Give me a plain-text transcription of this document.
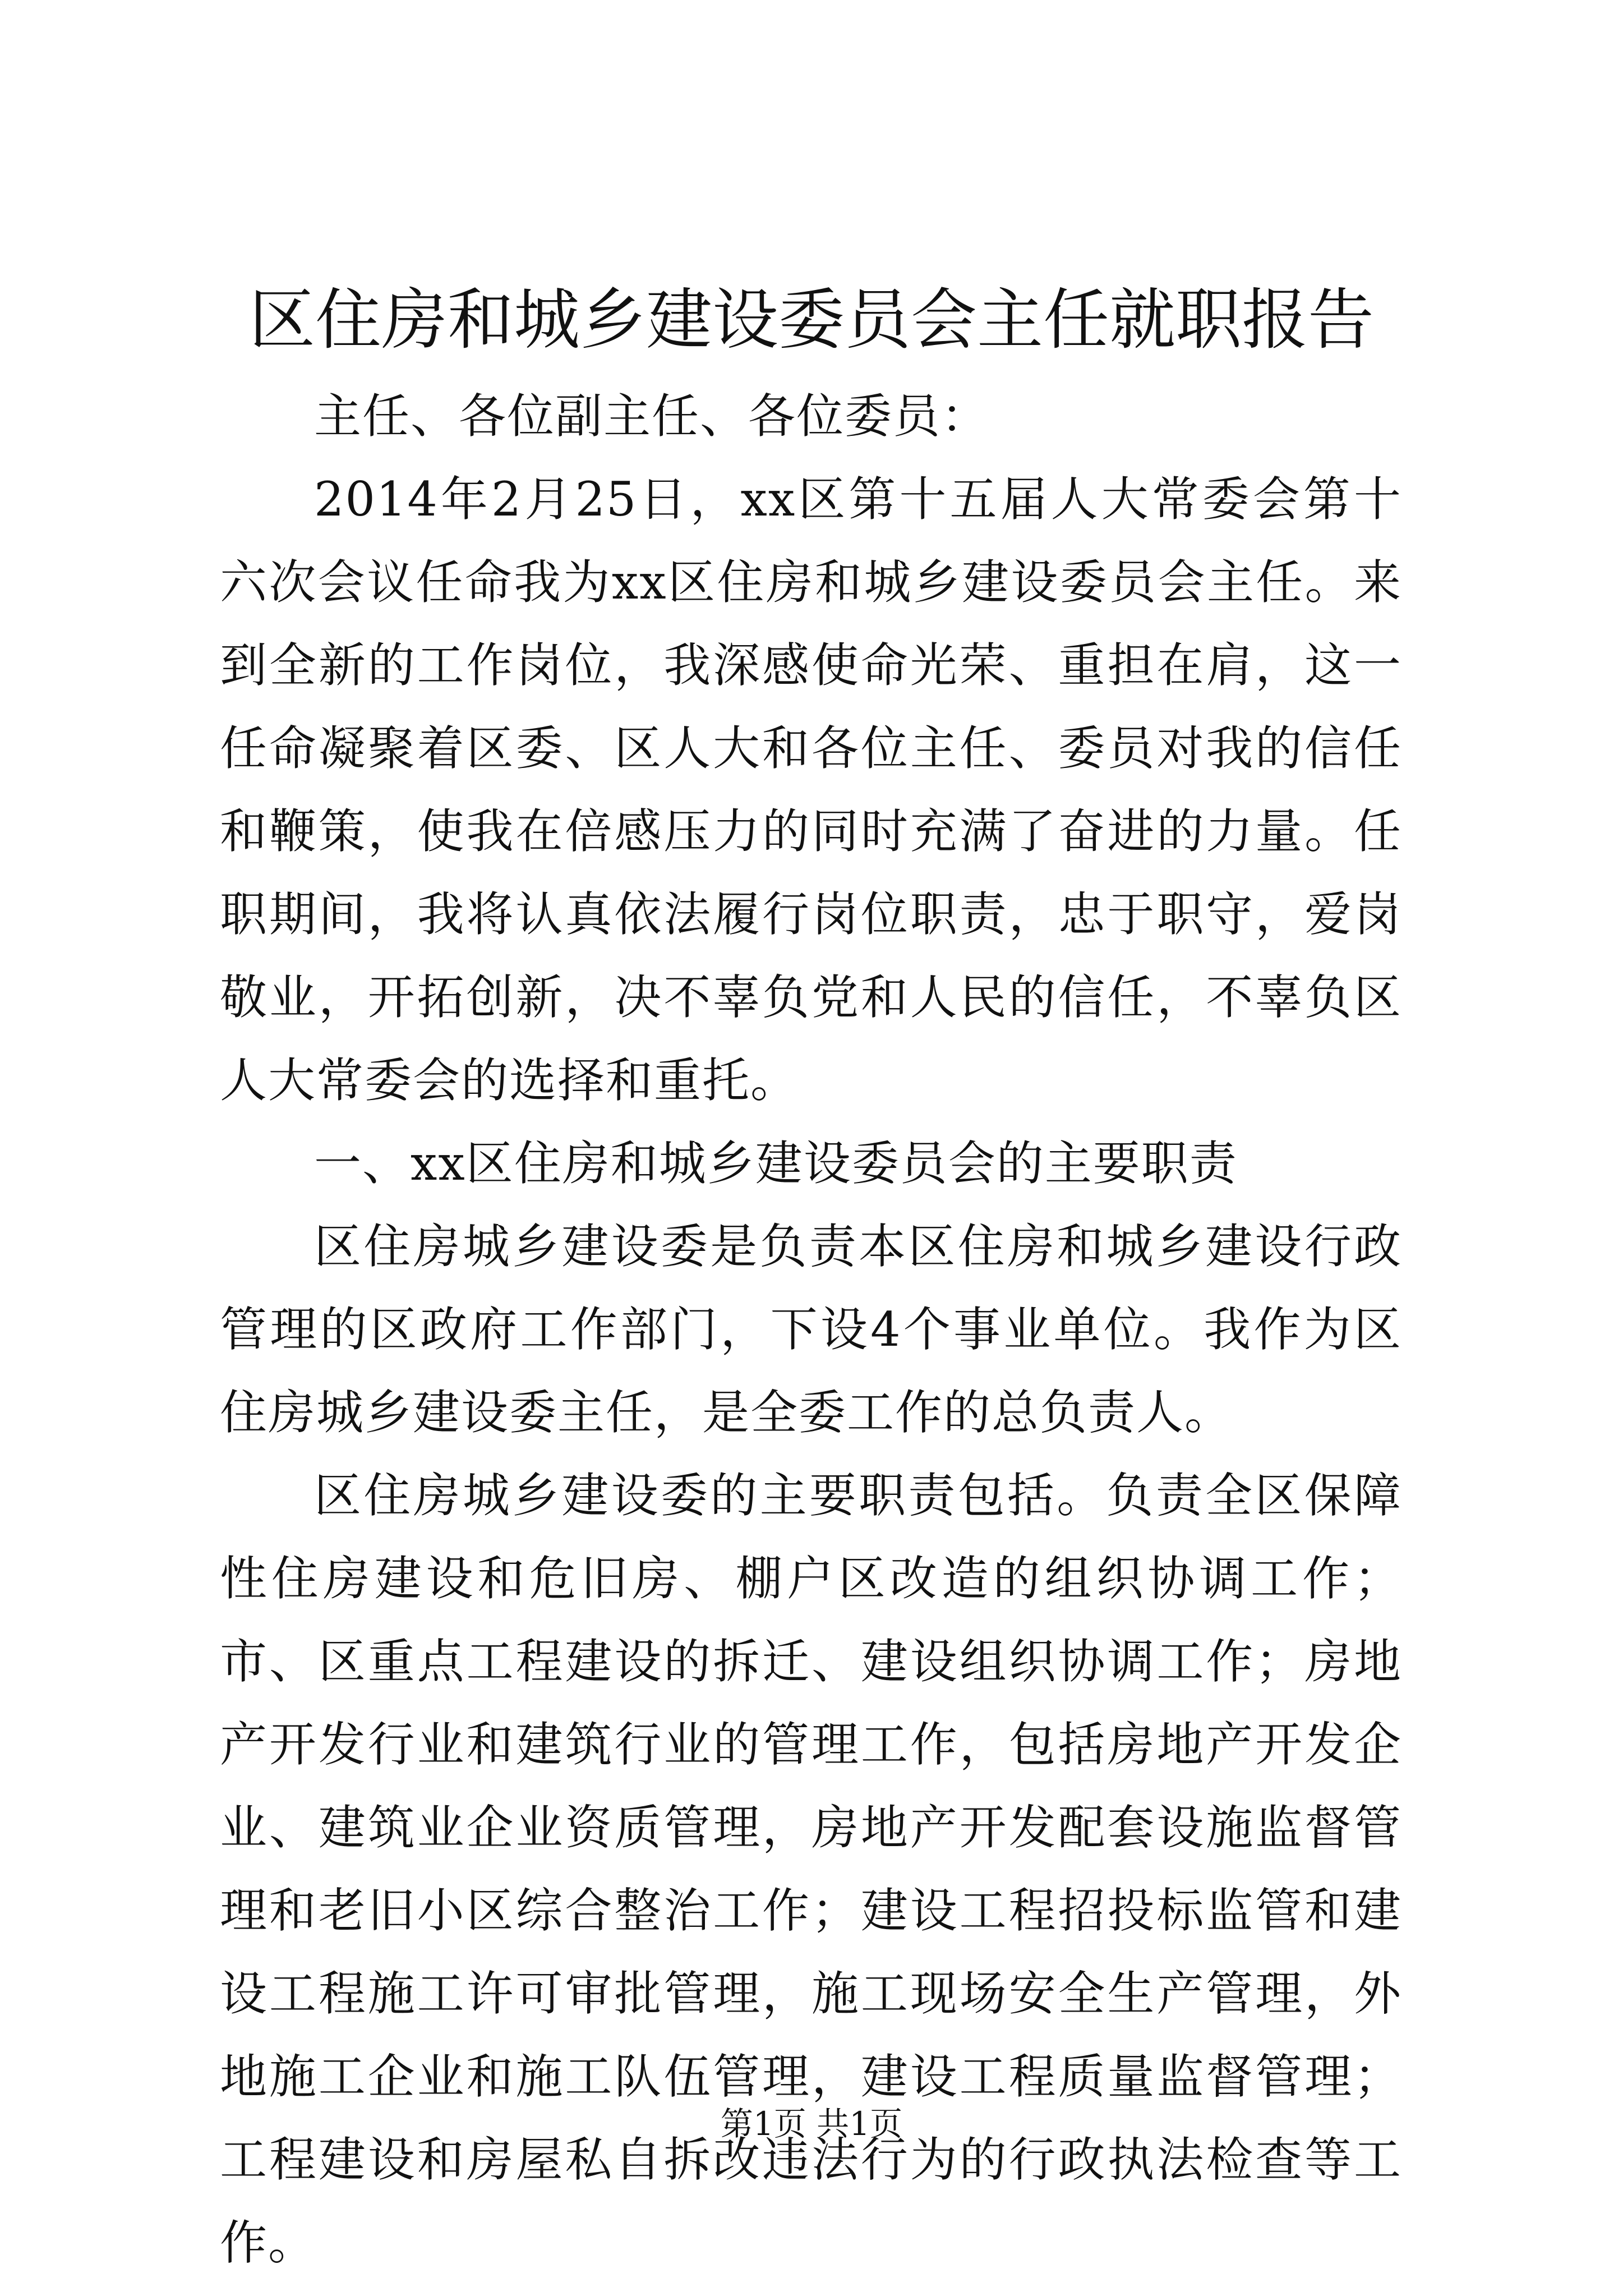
区住房和城乡建设委员会主任就职报告

主任、各位副主任、各位委员：

2014年2月25日，xx区第十五届人大常委会第十六次会议任命我为xx区住房和城乡建设委员会主任。来到全新的工作岗位，我深感使命光荣、重担在肩，这一任命凝聚着区委、区人大和各位主任、委员对我的信任和鞭策，使我在倍感压力的同时充满了奋进的力量。任职期间，我将认真依法履行岗位职责，忠于职守，爱岗敬业，开拓创新，决不辜负党和人民的信任，不辜负区人大常委会的选择和重托。

一、xx区住房和城乡建设委员会的主要职责

区住房城乡建设委是负责本区住房和城乡建设行政管理的区政府工作部门，下设4个事业单位。我作为区住房城乡建设委主任，是全委工作的总负责人。

区住房城乡建设委的主要职责包括。负责全区保障性住房建设和危旧房、棚户区改造的组织协调工作；市、区重点工程建设的拆迁、建设组织协调工作；房地产开发行业和建筑行业的管理工作，包括房地产开发企业、建筑业企业资质管理，房地产开发配套设施监督管理和老旧小区综合整治工作；建设工程招投标监管和建设工程施工许可审批管理，施工现场安全生产管理，外地施工企业和施工队伍管理，建设工程质量监督管理；工程建设和房屋私自拆改违法行为的行政执法检查等工作。

第1页 共1页
